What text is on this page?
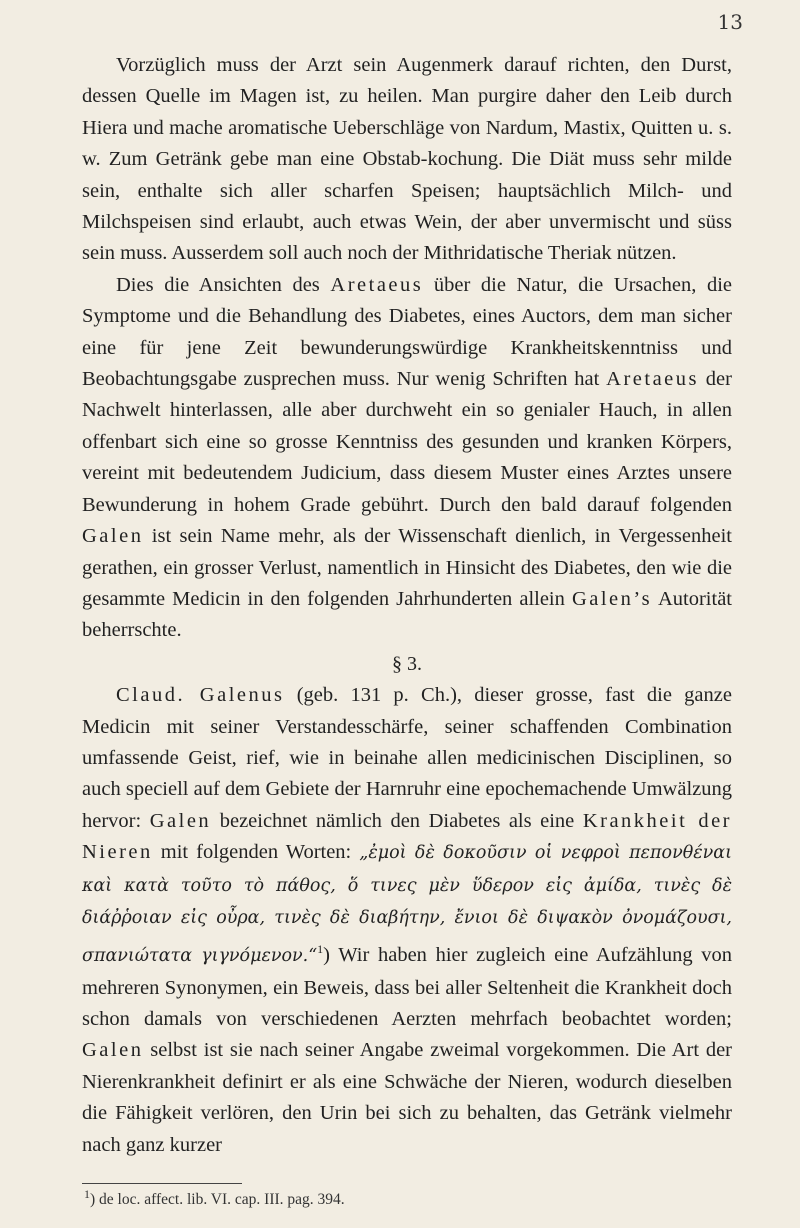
13

Vorzüglich muss der Arzt sein Augenmerk darauf richten, den Durst, dessen Quelle im Magen ist, zu heilen. Man purgire daher den Leib durch Hiera und mache aromatische Ueberschläge von Nardum, Mastix, Quitten u. s. w. Zum Getränk gebe man eine Obstab-kochung. Die Diät muss sehr milde sein, enthalte sich aller scharfen Speisen; hauptsächlich Milch- und Milchspeisen sind erlaubt, auch etwas Wein, der aber unvermischt und süss sein muss. Ausserdem soll auch noch der Mithridatische Theriak nützen.

Dies die Ansichten des Aretaeus über die Natur, die Ursachen, die Symptome und die Behandlung des Diabetes, eines Auctors, dem man sicher eine für jene Zeit bewunderungswürdige Krankheitskenntniss und Beobachtungsgabe zusprechen muss. Nur wenig Schriften hat Aretaeus der Nachwelt hinterlassen, alle aber durchweht ein so genialer Hauch, in allen offenbart sich eine so grosse Kenntniss des gesunden und kranken Körpers, vereint mit bedeutendem Judicium, dass diesem Muster eines Arztes unsere Bewunderung in hohem Grade gebührt. Durch den bald darauf folgenden Galen ist sein Name mehr, als der Wissenschaft dienlich, in Vergessenheit gerathen, ein grosser Verlust, namentlich in Hinsicht des Diabetes, den wie die gesammte Medicin in den folgenden Jahrhunderten allein Galen’s Autorität beherrschte.

§ 3.

Claud. Galenus (geb. 131 p. Ch.), dieser grosse, fast die ganze Medicin mit seiner Verstandesschärfe, seiner schaffenden Combination umfassende Geist, rief, wie in beinahe allen medicinischen Disciplinen, so auch speciell auf dem Gebiete der Harnruhr eine epochemachende Umwälzung hervor: Galen bezeichnet nämlich den Diabetes als eine Krankheit der Nieren mit folgenden Worten: „ἐμοὶ δὲ δοκοῦσιν οἱ νεφροὶ πεπονθέναι καὶ κατὰ τοῦτο τὸ πάθος, ὅ τινες μὲν ὕδερον εἰς ἀμίδα, τινὲς δὲ διάῤῥοιαν εἰς οὖρα, τινὲς δὲ διαβήτην, ἔνιοι δὲ διψακὸν ὀνομάζουσι, σπανιώτατα γιγνόμενον.“$^1$) Wir haben hier zugleich eine Aufzählung von mehreren Synonymen, ein Beweis, dass bei aller Seltenheit die Krankheit doch schon damals von verschiedenen Aerzten mehrfach beobachtet worden; Galen selbst ist sie nach seiner Angabe zweimal vorgekommen. Die Art der Nierenkrankheit definirt er als eine Schwäche der Nieren, wodurch dieselben die Fähigkeit verlören, den Urin bei sich zu behalten, das Getränk vielmehr nach ganz kurzer

$^1$) de loc. affect. lib. VI. cap. III. pag. 394.
